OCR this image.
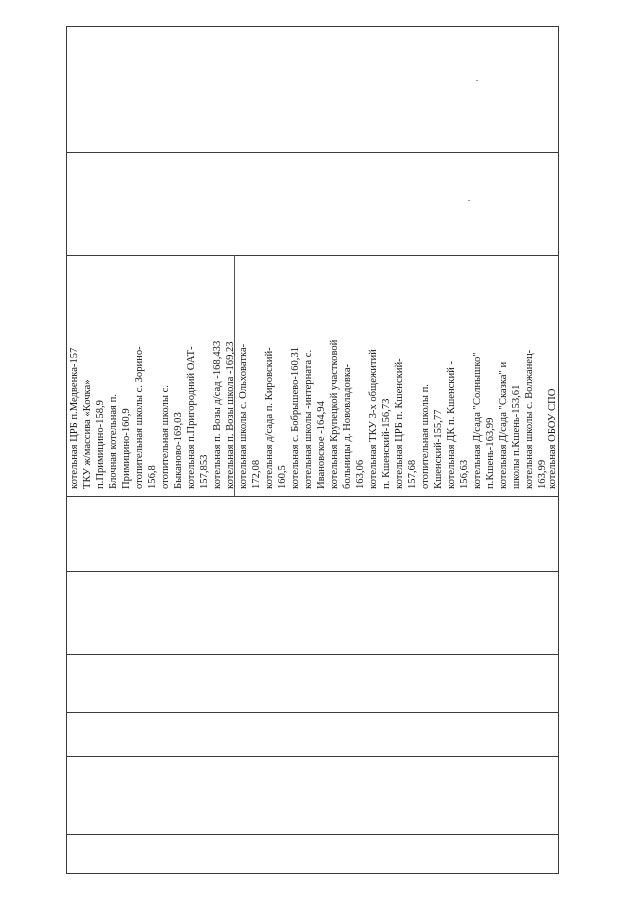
котельная ЦРБ п.Медвенка-157 ТКУ ж/массива «Кочка» п.Примицино-158,9 Блочная котельная п. Примицино-160,9 отопительная школы с. Зорино- 156,8 отопительная школы с. Быканово-169,03 котельная п.Пригородний ОАТ- 157,853 котельная п. Возы д/сад -168,433 котельная п. Возы школа -169,23 котельная школы с. Ольховатка- 172,08 котельная д/сада п. Кировский- 160,5 котельная с. Бобрышево-160,31 котельная школы -интерната с. Ивановское -164,94 котельная Крупецкой участковой больницы д. Нововладовка- 163,06 котельная ТКУ 3-х общежитий п. Кшенский-156,73 котельная ЦРБ п. Кшенский- 157,68 отопительная школы п. Кшенский-155,77 котельная ДК п. Кшенский - 156,63 котельная Д/сада "Солнышко" п.Кшень-163,99 котельная Д/сада "Сказка" и школы п.Кшень-153,61 котельная школы с. Волжанец- 163,99 котельная ОБОУ СПО
